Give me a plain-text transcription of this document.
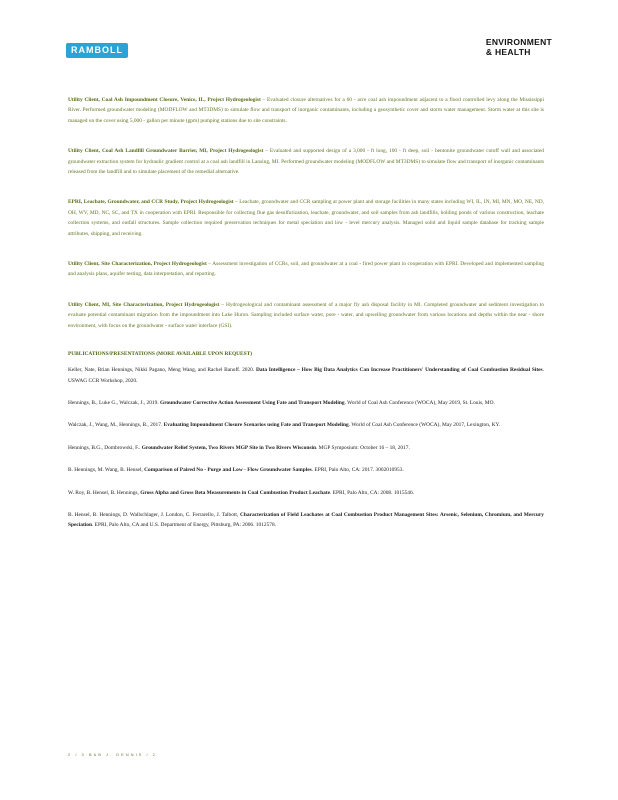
RAMBOLL
ENVIRONMENT
& HEALTH
Utility Client, Coal Ash Impoundment Closure, Venice, IL, Project Hydrogeologist – Evaluated closure alternatives for a 60 - acre coal ash impoundment adjacent to a flood controlled levy along the Mississippi River. Performed groundwater modeling (MODFLOW and MT3DMS) to simulate flow and transport of inorganic contaminants, including a geosynthetic cover and storm water management. Storm water at this site is managed on the cover using 5,000 - gallon per minute (gpm) pumping stations due to site constraints.
Utility Client, Coal Ash Landfill Groundwater Barrier, MI, Project Hydrogeologist – Evaluated and supported design of a 3,000 - ft long, 100 - ft deep, soil - bentonite groundwater cutoff wall and associated groundwater extraction system for hydraulic gradient control at a coal ash landfill in Lansing, MI. Performed groundwater modeling (MODFLOW and MT3DMS) to simulate flow and transport of inorganic contaminants released from the landfill and to simulate placement of the remedial alternative.
EPRI, Leachate, Groundwater, and CCR Study, Project Hydrogeologist – Leachate, groundwater and CCR sampling at power plant and storage facilities in many states including WI, IL, IN, MI, MN, MO, NE, ND, OH, WV, MD, NC, SC, and TX in cooperation with EPRI. Responsible for collecting flue gas desulfurization, leachate, groundwater, and soil samples from ash landfills, holding ponds of various construction, leachate collection systems, and outfall structures. Sample collection required preservation techniques for metal speciation and low - level mercury analysis. Managed solid and liquid sample database for tracking sample attributes, shipping, and receiving.
Utility Client, Site Characterization, Project Hydrogeologist – Assessment investigation of CCRs, soil, and groundwater at a coal - fired power plant in cooperation with EPRI. Developed and implemented sampling and analysis plans, aquifer testing, data interpretation, and reporting.
Utility Client, MI, Site Characterization, Project Hydrogeologist – Hydrogeological and contaminant assessment of a major fly ash disposal facility in MI. Completed groundwater and sediment investigation to evaluate potential contaminant migration from the impoundment into Lake Huron. Sampling included surface water, pore - water, and upwelling groundwater from various locations and depths within the near - shore environment, with focus on the groundwater - surface water interface (GSI).
PUBLICATIONS/PRESENTATIONS (MORE AVAILABLE UPON REQUEST)
Keller, Nate, Brian Hennings, Nikki Pagano, Meng Wang, and Rachel Banoff. 2020. Data Intelligence – How Big Data Analytics Can Increase Practitioners' Understanding of Coal Combustion Residual Sites. USWAG CCR Workshop, 2020.
Hennings, B., Luke G., Walczak, J., 2019. Groundwater Corrective Action Assessment Using Fate and Transport Modeling. World of Coal Ash Conference (WOCA), May 2019, St. Louis, MO.
Walczak, J., Wang, M., Hennings, B., 2017. Evaluating Impoundment Closure Scenarios using Fate and Transport Modeling. World of Coal Ash Conference (WOCA), May 2017, Lexington, KY.
Hennings, B.G., Dombrowski, F.. Groundwater Relief System, Two Rivers MGP Site in Two Rivers Wisconsin. MGP Symposium: October 16 – 18, 2017.
B. Hennings, M. Wang, B. Hensel, Comparison of Paired No - Purge and Low - Flow Groundwater Samples. EPRI, Palo Alto, CA: 2017. 3002010953.
W. Roy, B. Hensel, B. Hennings, Gross Alpha and Gross Beta Measurements in Coal Combustion Product Leachate. EPRI, Palo Alto, CA: 2008. 1015546.
B. Hensel, B. Hennings, D. Wallschlager, J. London, C. Ferrarello, J. Talbott, Characterization of Field Leachates at Coal Combustion Product Management Sites: Arsenic, Selenium, Chromium, and Mercury Speciation. EPRI, Palo Alto, CA and U.S. Department of Energy, Pittsburg, PA: 2006. 1012578.
2 / 3 B&B J. DENNIS / 2
